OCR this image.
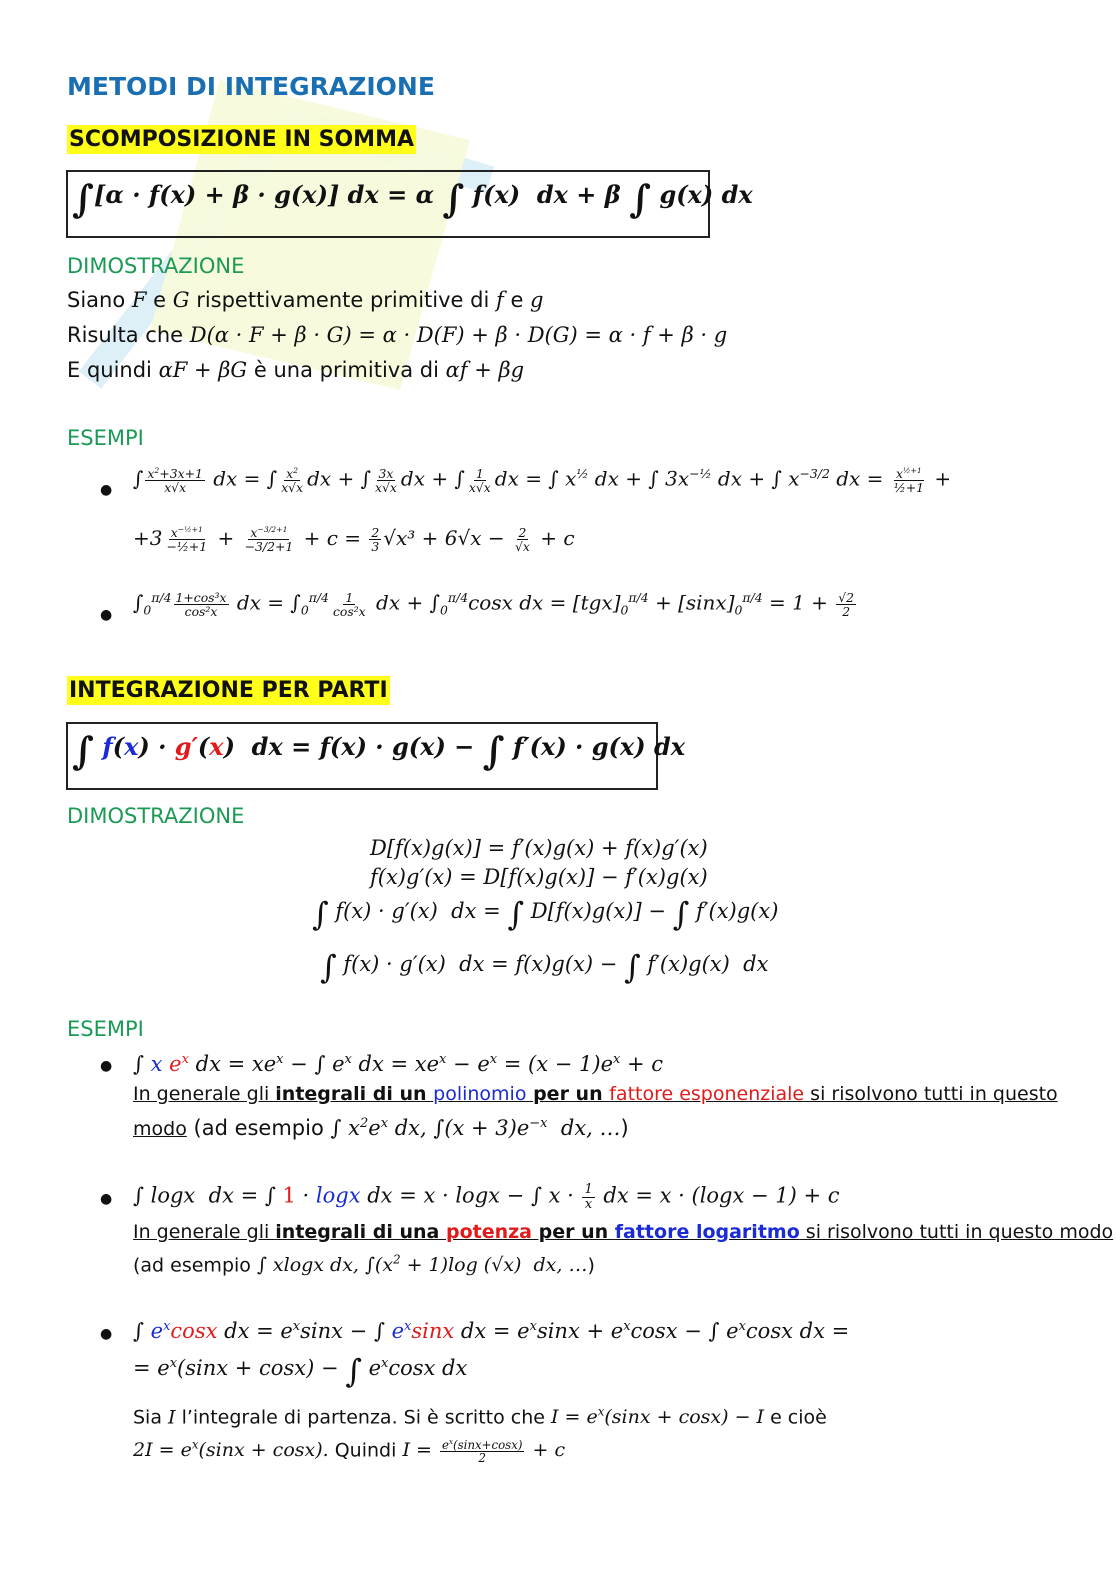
METODI DI INTEGRAZIONE
SCOMPOSIZIONE IN SOMMA
∫[α · f(x) + β · g(x)] dx = α ∫ f(x)  dx + β ∫ g(x) dx
DIMOSTRAZIONE
Siano F e G rispettivamente primitive di f e g
Risulta che D(α · F + β · G) = α · D(F) + β · D(G) = α · f + β · g
E quindi αF + βG è una primitiva di αf + βg
ESEMPI
● ∫ $\frac{x^2+3x+1}{x√x}$ dx = ∫ $\frac{x^2}{x√x}$ dx + ∫ $\frac{3x}{x√x}$ dx + ∫ $\frac{1}{x√x}$ dx = ∫ $x^{\frac{1}{2}}$ dx + ∫ $3x^{-\frac{1}{2}}$ dx + ∫ $x^{-3/2}$ dx = $\frac{x^{\frac{1}{2}+1}}{\text{½+1}}$ +
$+3 \frac{x^{-\frac{1}{2}+1}}{\text{−½+1}} + \frac{x^{-3/2+1}}{-3/2+1} + c = \frac{2}{3} √x^3 + 6√x - \frac{2}{√x} + c$
●
$\int_0^{\pi/4} \frac{\text{1+cos³x}}{\text{cos²x}}$ dx = $\int_0^{\pi/4} \frac{1}{\text{cos²x}}$ dx + $\int_0^{\pi/4}\cos x$ dx = $[tgx]_0^{\pi/4} + [\sin x]_0^{\pi/4} = 1 + \frac{√2}{2}$
INTEGRAZIONE PER PARTI
∫ f(x) · g′(x)  dx = f(x) · g(x) − ∫ f′(x) · g(x) dx
DIMOSTRAZIONE
D[f(x)g(x)] = f′(x)g(x) + f(x)g′(x)
f(x)g′(x) = D[f(x)g(x)] − f′(x)g(x)
∫ f(x) · g′(x)  dx = ∫ D[f(x)g(x)] − ∫ f′(x)g(x)
∫ f(x) · g′(x)  dx = f(x)g(x) − ∫ f′(x)g(x)  dx
ESEMPI
● ∫ x $e^x$ dx = $xe^x$ − ∫ $e^x$ dx = $xe^x - e^x = (x - 1)e^x + c$
In generale gli integrali di un polinomio per un fattore esponenziale si risolvono tutti in questo
modo (ad esempio ∫ $x^2e^x$ dx, $\int(x + 3)e^{-x}$  dx, …)
● ∫ logx  dx = ∫ 1 · logx dx = x · logx − ∫ $x \cdot \frac{1}{x}$ dx = x · (logx − 1) + c
In generale gli integrali di una potenza per un fattore logaritmo si risolvono tutti in questo modo
(ad esempio ∫ xlogx dx, $\int(x^2 + 1)\log$ (√x)  dx, …)
● ∫ $e^x\cos x$ dx = $e^x\sin x$ − ∫ $e^x\sin x$ dx = $e^x\sin x + e^x\cos x$ − ∫ $e^x\cos x$ dx =
= $e^x(\sin x + \cos x)$ − ∫ $e^x\cos x$ dx
Sia I l’integrale di partenza. Si è scritto che $I = e^x(\sin x + \cos x) - I$ e cioè
$2I = e^x(\sin x + \cos x)$. Quindi $I = \frac{e^x(\sin x+\cos x)}{2} + c$
